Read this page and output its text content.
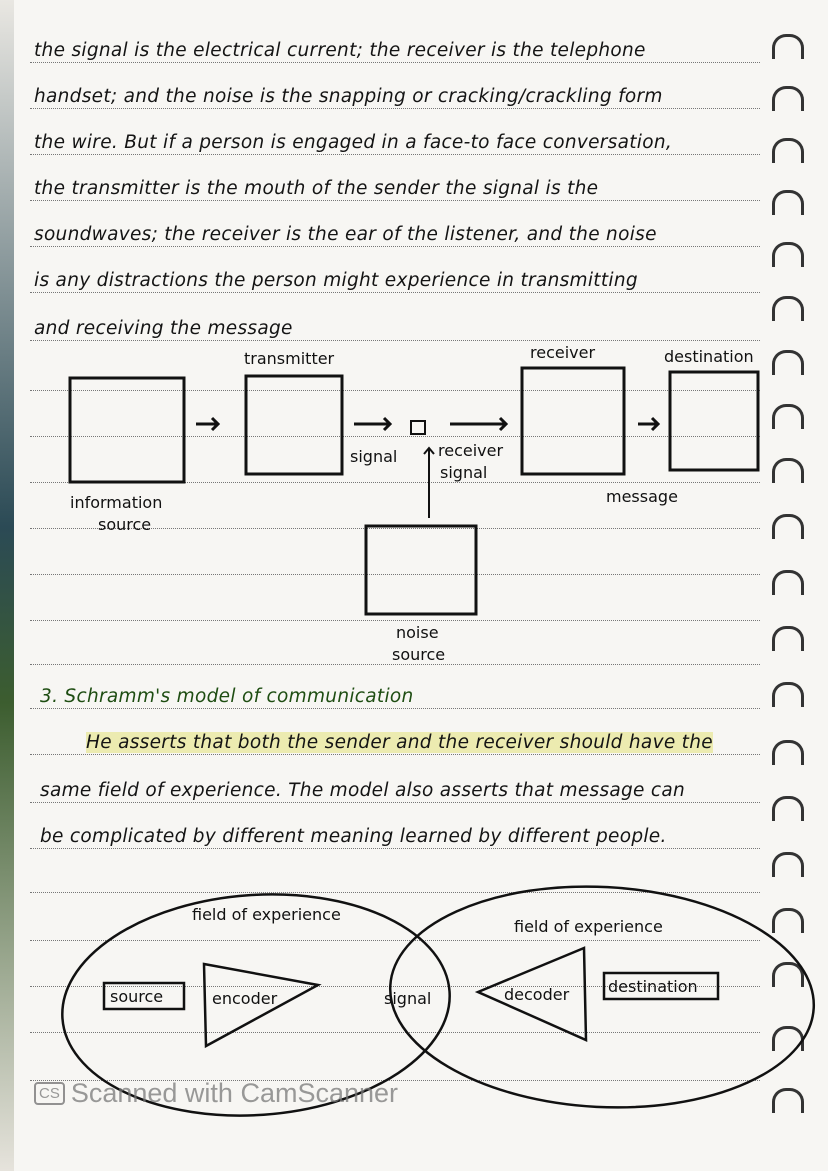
the signal is the electrical current; the receiver is the telephone
handset; and the noise is the snapping or cracking/crackling form
the wire. But if a person is engaged in a face-to face conversation,
the transmitter is the mouth of the sender the signal is the
soundwaves; the receiver is the ear of the listener, and the noise
is any distractions the person might experience in transmitting
and receiving the message
information
source
transmitter
signal	receiver
signal
receiver	destination
message
noise
source
source	encoder	signal	decoder destination
field of experience
field of experience
3. Schramm's model of communication
He asserts that both the sender and the receiver should have the
same field of experience. The model also asserts that message can
be complicated by different meaning learned by different people.
CS Scanned with CamScanner
